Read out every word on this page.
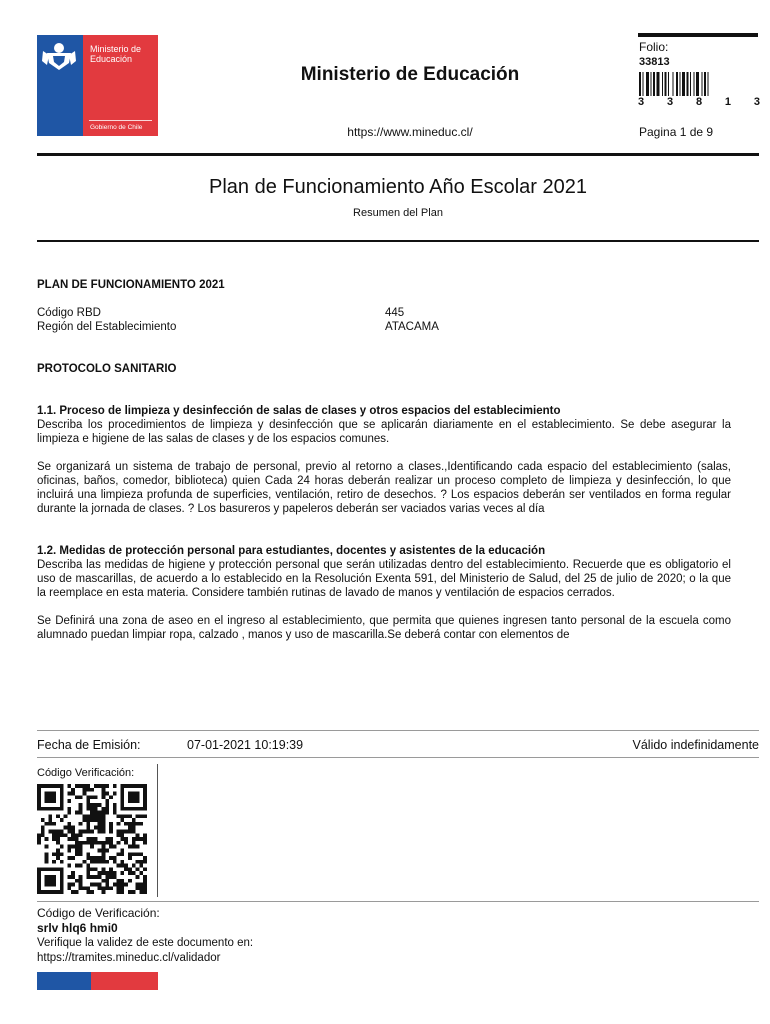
Ministerio de Educación
Gobierno de Chile
Ministerio de Educación
https://www.mineduc.cl/
Folio:
33813
3 3 8 1 3
Pagina 1 de 9
Plan de Funcionamiento Año Escolar 2021
Resumen del Plan
PLAN DE FUNCIONAMIENTO 2021
Código RBD	445
Región del Establecimiento	ATACAMA
PROTOCOLO SANITARIO
1.1. Proceso de limpieza y desinfección de salas de clases y otros espacios del establecimiento

Describa los procedimientos de limpieza y desinfección que se aplicarán diariamente en el establecimiento. Se debe asegurar la limpieza e higiene de las salas de clases y de los espacios comunes.

Se organizará un sistema de trabajo de personal, previo al retorno a clases.,Identificando cada espacio del establecimiento (salas, oficinas, baños, comedor, biblioteca) quien Cada 24 horas deberán realizar un proceso completo de limpieza y desinfección, lo que incluirá una limpieza profunda de superficies, ventilación, retiro de desechos. ? Los espacios deberán ser ventilados en forma regular durante la jornada de clases. ? Los basureros y papeleros deberán ser vaciados varias veces al día

1.2. Medidas de protección personal para estudiantes, docentes y asistentes de la educación

Describa las medidas de higiene y protección personal que serán utilizadas dentro del establecimiento. Recuerde que es obligatorio el uso de mascarillas, de acuerdo a lo establecido en la Resolución Exenta 591, del Ministerio de Salud, del 25 de julio de 2020; o la que la reemplace en esta materia. Considere también rutinas de lavado de manos y ventilación de espacios cerrados.

Se Definirá una zona de aseo en el ingreso al establecimiento, que permita que quienes ingresen tanto personal de la escuela como alumnado puedan limpiar ropa, calzado , manos y uso de mascarilla.Se deberá contar con elementos de

Fecha de Emisión:	07-01-2021 10:19:39	Válido indefinidamente
Código Verificación:
Código de Verificación:
srlv hlq6 hmi0
Verifique la validez de este documento en:
https://tramites.mineduc.cl/validador
